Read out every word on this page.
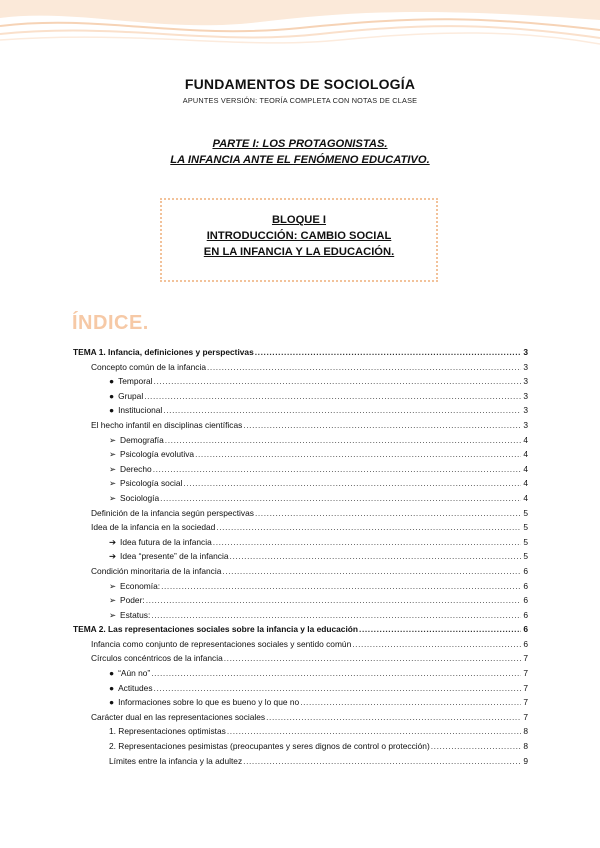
FUNDAMENTOS DE SOCIOLOGÍA
APUNTES VERSIÓN: TEORÍA COMPLETA CON NOTAS DE CLASE
PARTE I: LOS PROTAGONISTAS.
LA INFANCIA ANTE EL FENÓMENO EDUCATIVO.
BLOQUE I
INTRODUCCIÓN: CAMBIO SOCIAL
EN LA INFANCIA Y LA EDUCACIÓN.
ÍNDICE.
TEMA 1. Infancia, definiciones y perspectivas .....	3
Concepto común de la infancia .....	3
● Temporal .....	3
● Grupal .....	3
● Institucional .....	3
El hecho infantil en disciplinas científicas .....	3
➢ Demografía .....	4
➢ Psicología evolutiva .....	4
➢ Derecho .....	4
➢ Psicología social .....	4
➢ Sociología .....	4
Definición de la infancia según perspectivas .....	5
Idea de la infancia en la sociedad .....	5
➔ Idea futura de la infancia .....	5
➔ Idea “presente” de la infancia .....	5
Condición minoritaria de la infancia .....	6
➢ Economía: .....	6
➢ Poder: .....	6
➢ Estatus: .....	6
TEMA 2. Las representaciones sociales sobre la infancia y la educación .....	6
Infancia como conjunto de representaciones sociales y sentido común .....	6
Círculos concéntricos de la infancia .....	7
● “Aún no” .....	7
● Actitudes .....	7
● Informaciones sobre lo que es bueno y lo que no .....	7
Carácter dual en las representaciones sociales .....	7
1. Representaciones optimistas .....	8
2. Representaciones pesimistas (preocupantes y seres dignos de control o protección) .....	8
Límites entre la infancia y la adultez .....	9
